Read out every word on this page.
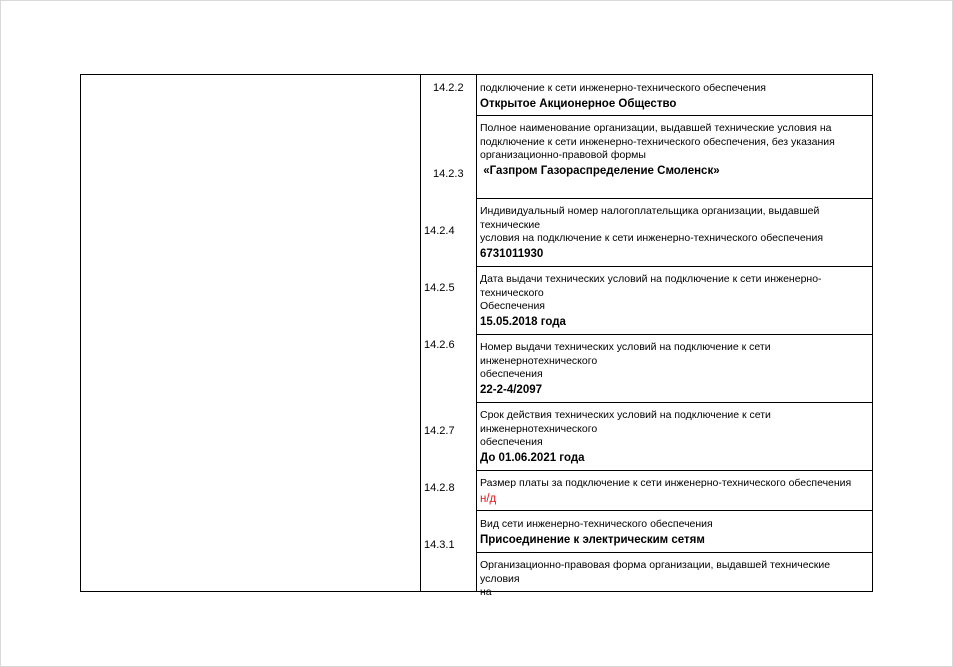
14.2.2
14.2.3
14.2.4
14.2.5
14.2.6
14.2.7
14.2.8
14.3.1
подключение к сети инженерно-технического обеспечения
Открытое Акционерное Общество
Полное наименование организации, выдавшей технические условия на
подключение к сети инженерно-технического обеспечения, без указания
организационно-правовой формы
«Газпром Газораспределение Смоленск»
Индивидуальный номер налогоплательщика организации, выдавшей
технические
условия на подключение к сети инженерно-технического обеспечения
6731011930
Дата выдачи технических условий на подключение к сети инженерно-
технического
Обеспечения
15.05.2018 года
Номер выдачи технических условий на подключение к сети
инженернотехнического
обеспечения
22-2-4/2097
Срок действия технических условий на подключение к сети
инженернотехнического
обеспечения
До 01.06.2021 года
Размер платы за подключение к сети инженерно-технического обеспечения
н/д
Вид сети инженерно-технического обеспечения
Присоединение к электрическим сетям
Организационно-правовая форма организации, выдавшей технические условия
на
